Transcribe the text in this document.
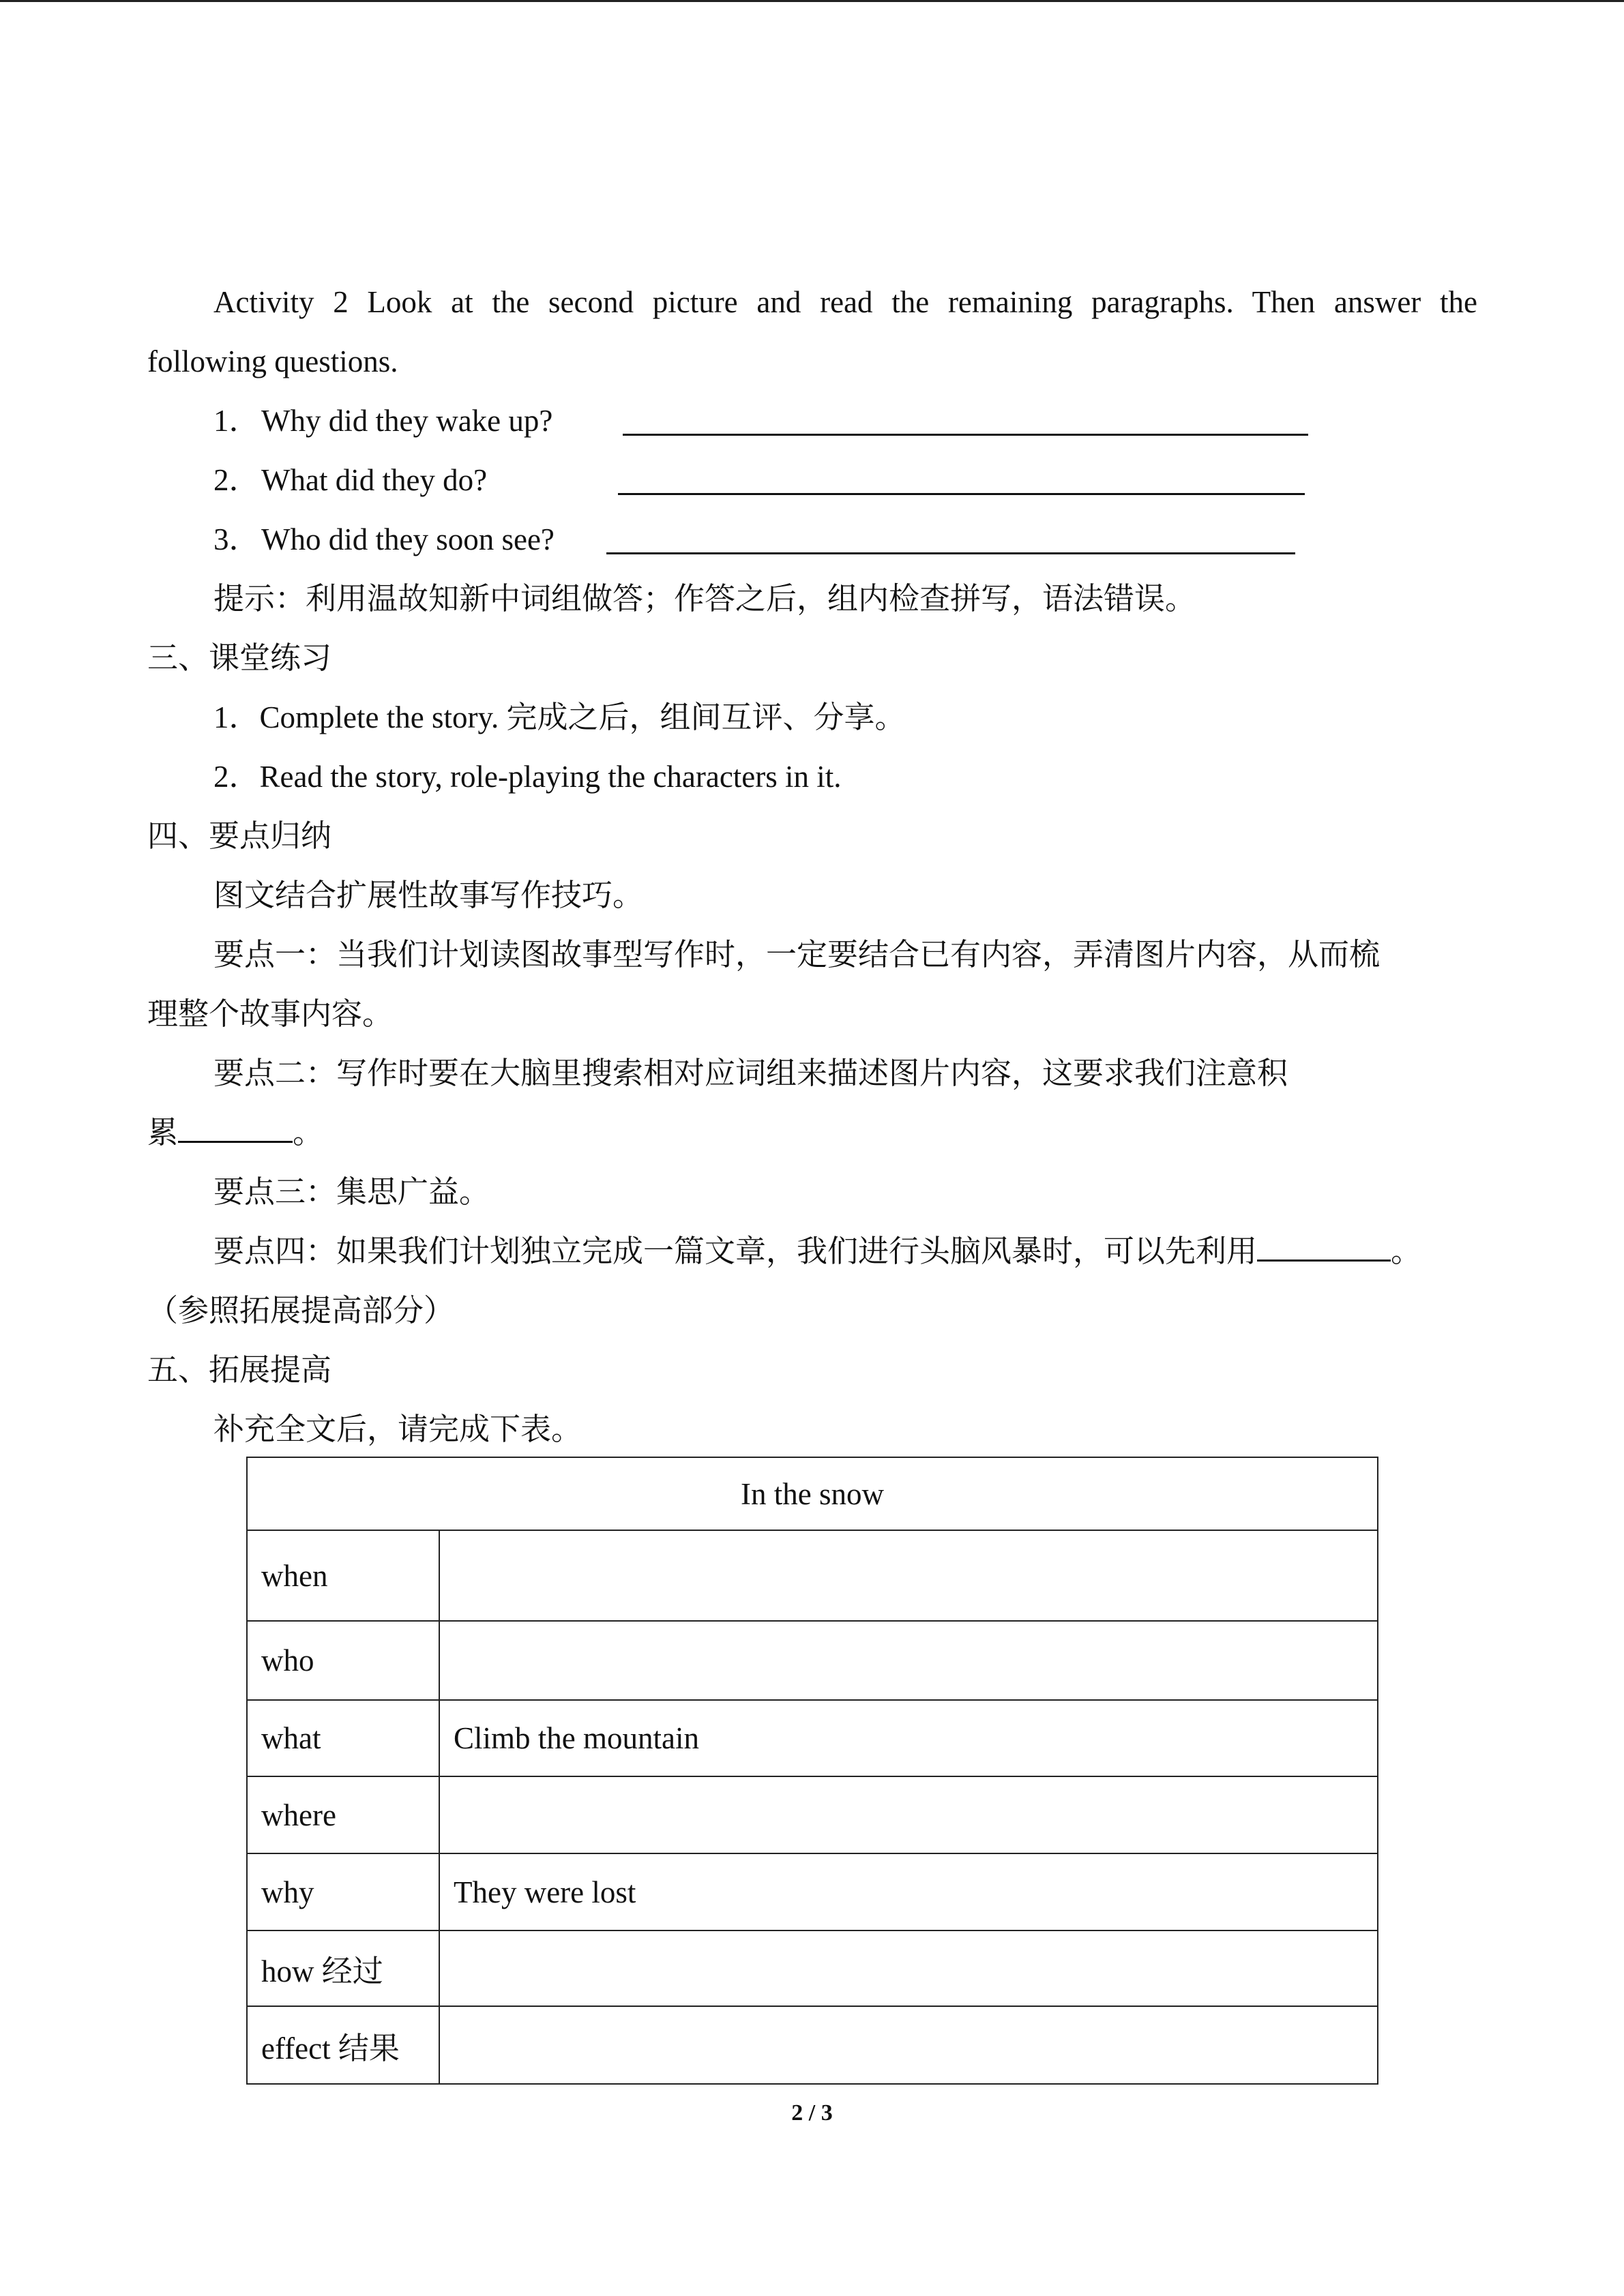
Activity 2 Look at the second picture and read the remaining paragraphs. Then answer the
following questions.
1．Why did they wake up?
2．What did they do?
3．Who did they soon see?
提示：利用温故知新中词组做答；作答之后，组内检查拼写，语法错误。
三、课堂练习
1．Complete the story. 完成之后，组间互评、分享。
2．Read the story, role-playing the characters in it.
四、要点归纳
图文结合扩展性故事写作技巧。
要点一：当我们计划读图故事型写作时，一定要结合已有内容，弄清图片内容，从而梳
理整个故事内容。
要点二：写作时要在大脑里搜索相对应词组来描述图片内容，这要求我们注意积
累	。
要点三：集思广益。
要点四：如果我们计划独立完成一篇文章，我们进行头脑风暴时，可以先利用	。
（参照拓展提高部分）
五、拓展提高
补充全文后，请完成下表。
In the snow	
when	
who	
what	Climb the mountain
where	
why	They were lost
how 经过	
effect 结果	
2 / 3
